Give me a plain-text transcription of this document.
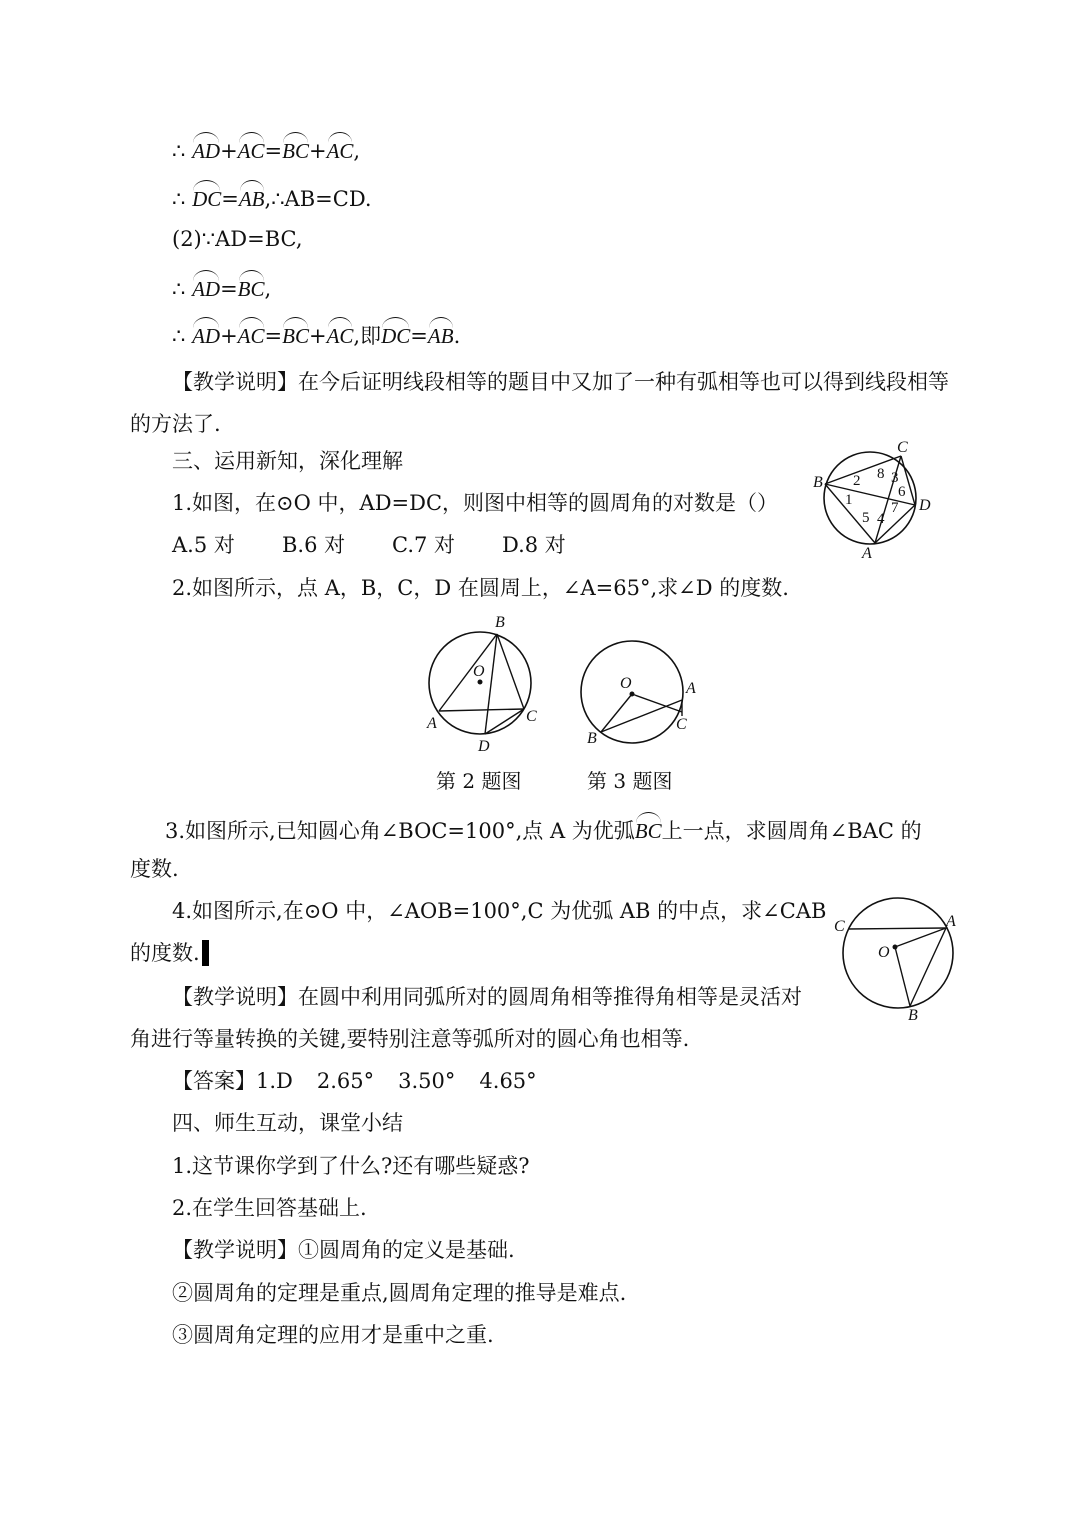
∴ AD+AC=BC+AC,
∴ DC=AB,∴AB=CD.
(2)∵AD=BC,
∴ AD=BC,
∴ AD+AC=BC+AC,即DC=AB.
【教学说明】在今后证明线段相等的题目中又加了一种有弧相等也可以得到线段相等的方法了.
三、运用新知，深化理解
1.如图，在⊙O 中，AD=DC，则图中相等的圆周角的对数是（）
A.5 对 B.6 对 C.7 对 D.8 对
2.如图所示，点 A，B，C，D 在圆周上，∠A=65°,求∠D 的度数.
C
B
D
A
1
2 8 3
6
7
5 4
B
O
A	C
D
第 2 题图
O	A
B
C
第 3 题图
3.如图所示,已知圆心角∠BOC=100°,点 A 为优弧BC上一点，求圆周角∠BAC 的
度数.
4.如图所示,在⊙O 中，∠AOB=100°,C 为优弧 AB 的中点，求∠CAB
的度数.
C	A
O
B
【教学说明】在圆中利用同弧所对的圆周角相等推得角相等是灵活对
角进行等量转换的关键,要特别注意等弧所对的圆心角也相等.
【答案】1.D 2.65° 3.50° 4.65°
四、师生互动，课堂小结
1.这节课你学到了什么?还有哪些疑惑?
2.在学生回答基础上.
【教学说明】①圆周角的定义是基础.
②圆周角的定理是重点,圆周角定理的推导是难点.
③圆周角定理的应用才是重中之重.
